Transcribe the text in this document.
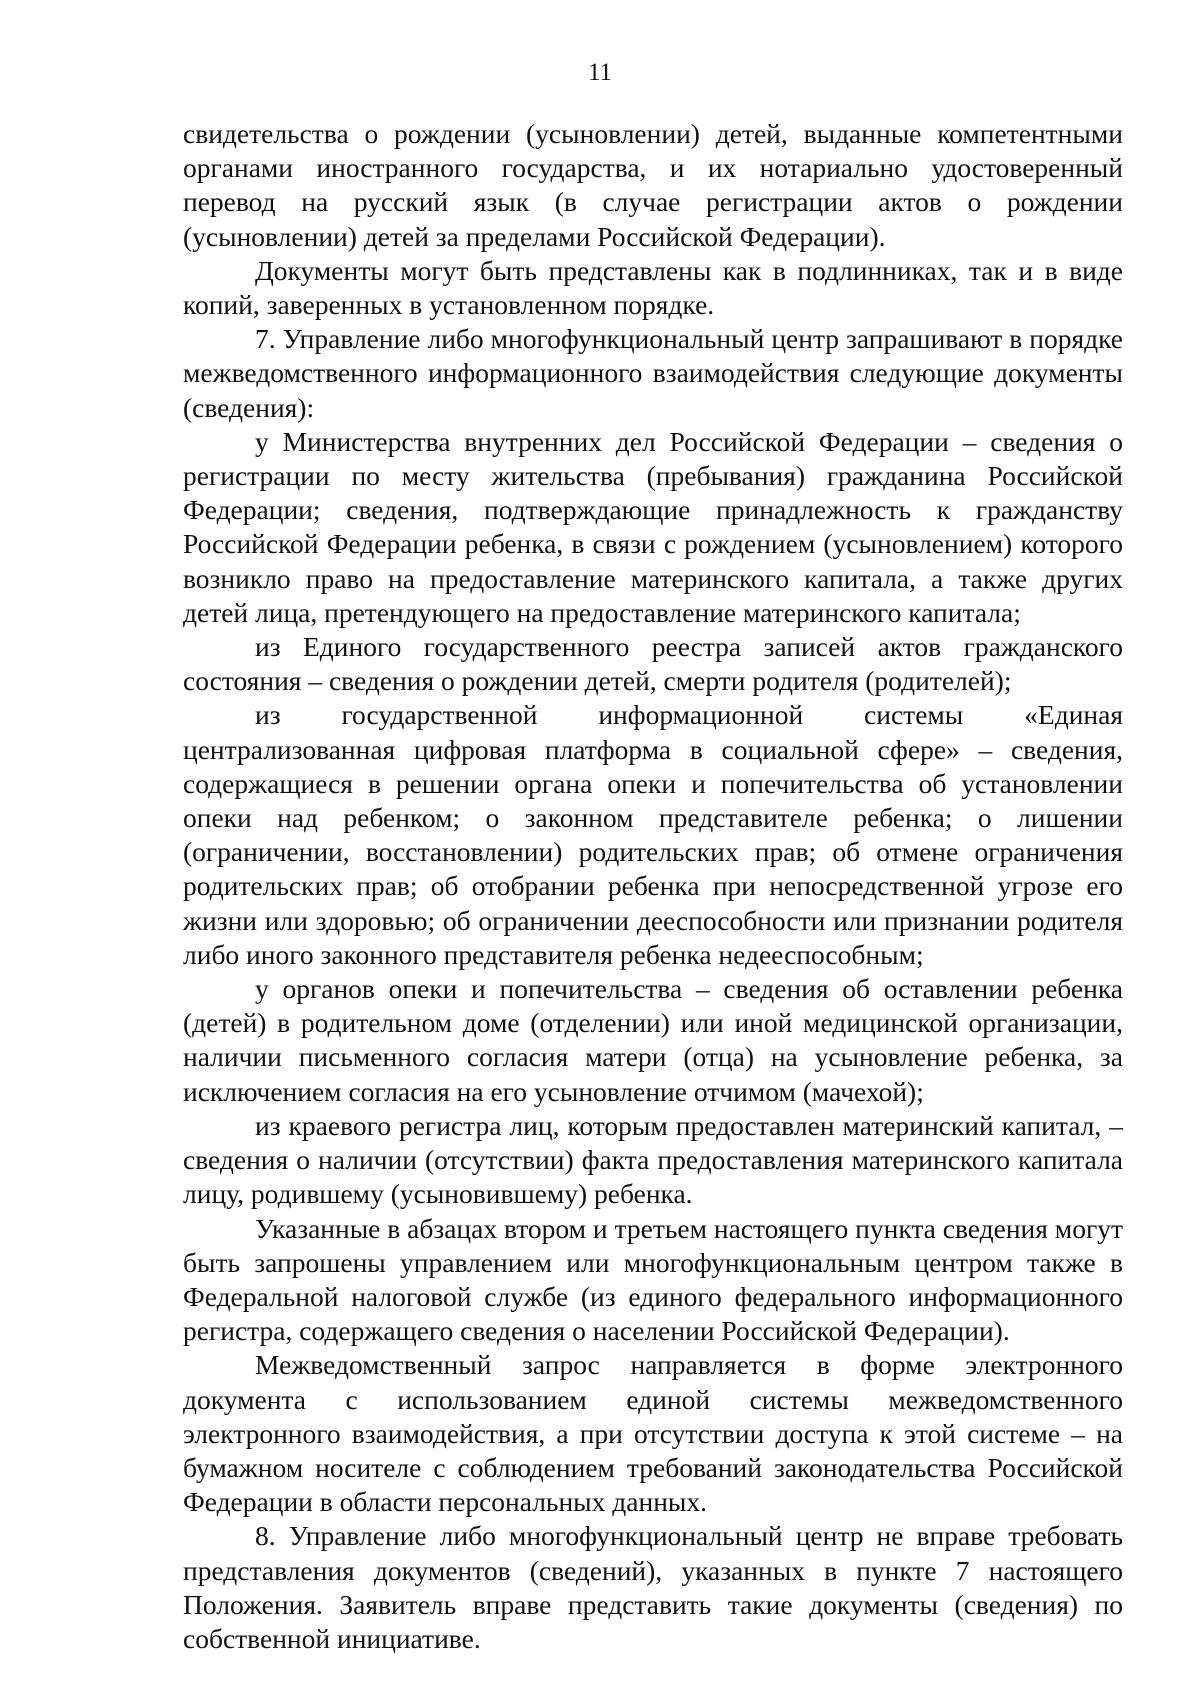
11

свидетельства о рождении (усыновлении) детей, выданные компетентными органами иностранного государства, и их нотариально удостоверенный перевод на русский язык (в случае регистрации актов о рождении (усыновлении) детей за пределами Российской Федерации).

Документы могут быть представлены как в подлинниках, так и в виде копий, заверенных в установленном порядке.

7. Управление либо многофункциональный центр запрашивают в порядке межведомственного информационного взаимодействия следующие документы (сведения):

у Министерства внутренних дел Российской Федерации – сведения о регистрации по месту жительства (пребывания) гражданина Российской Федерации; сведения, подтверждающие принадлежность к гражданству Российской Федерации ребенка, в связи с рождением (усыновлением) которого возникло право на предоставление материнского капитала, а также других детей лица, претендующего на предоставление материнского капитала;

из Единого государственного реестра записей актов гражданского состояния – сведения о рождении детей, смерти родителя (родителей);

из государственной информационной системы «Единая централизованная цифровая платформа в социальной сфере» – сведения, содержащиеся в решении органа опеки и попечительства об установлении опеки над ребенком; о законном представителе ребенка; о лишении (ограничении, восстановлении) родительских прав; об отмене ограничения родительских прав; об отобрании ребенка при непосредственной угрозе его жизни или здоровью; об ограничении дееспособности или признании родителя либо иного законного представителя ребенка недееспособным;

у органов опеки и попечительства – сведения об оставлении ребенка (детей) в родительном доме (отделении) или иной медицинской организации, наличии письменного согласия матери (отца) на усыновление ребенка, за исключением согласия на его усыновление отчимом (мачехой);

из краевого регистра лиц, которым предоставлен материнский капитал, – сведения о наличии (отсутствии) факта предоставления материнского капитала лицу, родившему (усыновившему) ребенка.

Указанные в абзацах втором и третьем настоящего пункта сведения могут быть запрошены управлением или многофункциональным центром также в Федеральной налоговой службе (из единого федерального информационного регистра, содержащего сведения о населении Российской Федерации).

Межведомственный запрос направляется в форме электронного документа с использованием единой системы межведомственного электронного взаимодействия, а при отсутствии доступа к этой системе – на бумажном носителе с соблюдением требований законодательства Российской Федерации в области персональных данных.

8. Управление либо многофункциональный центр не вправе требовать представления документов (сведений), указанных в пункте 7 настоящего Положения. Заявитель вправе представить такие документы (сведения) по собственной инициативе.
